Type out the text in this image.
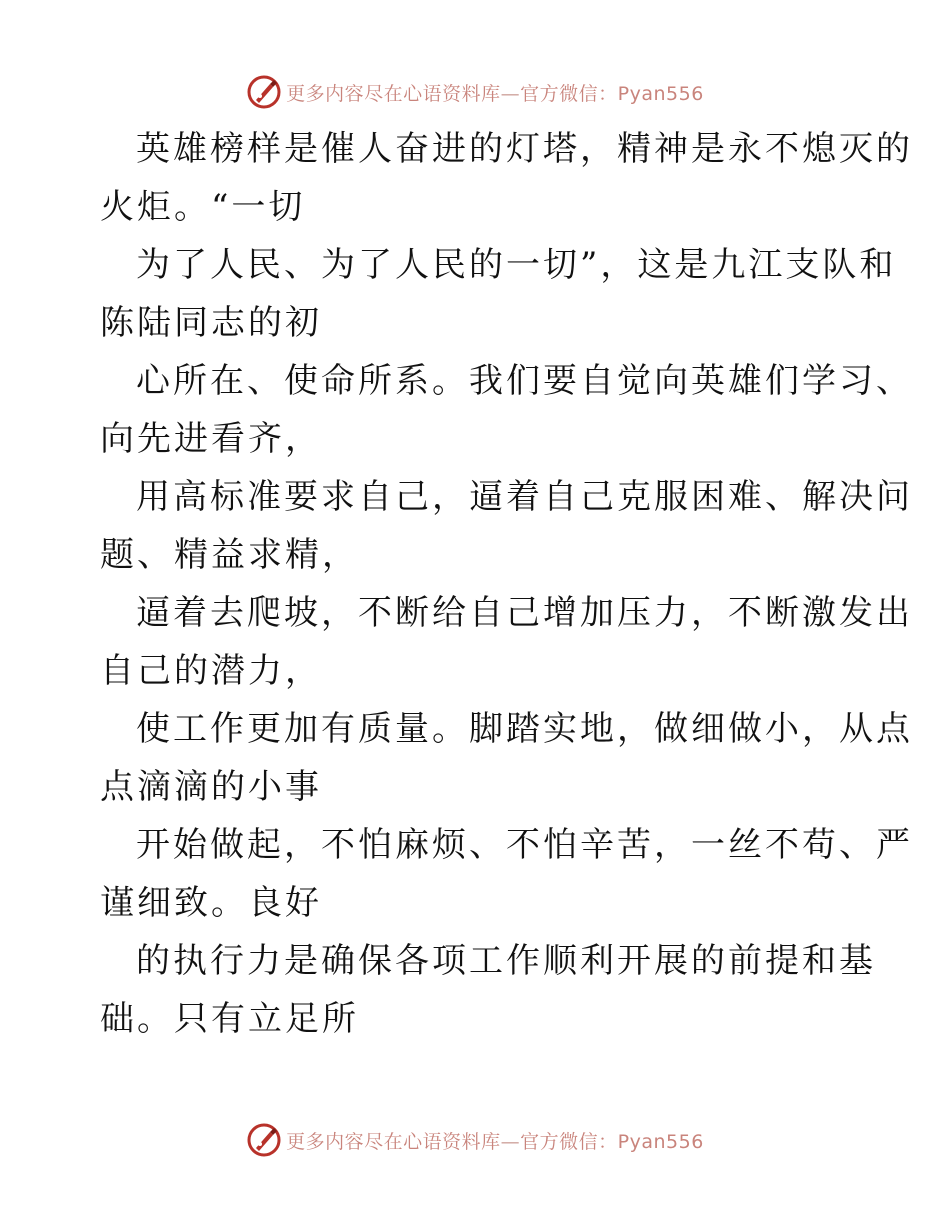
更多内容尽在心语资料库—官方微信：Pyan556

英雄榜样是催人奋进的灯塔，精神是永不熄灭的
火炬。“一切

为了人民、为了人民的一切”，这是九江支队和
陈陆同志的初

心所在、使命所系。我们要自觉向英雄们学习、
向先进看齐，

用高标准要求自己，逼着自己克服困难、解决问
题、精益求精，

逼着去爬坡，不断给自己增加压力，不断激发出
自己的潜力，

使工作更加有质量。脚踏实地，做细做小，从点
点滴滴的小事

开始做起，不怕麻烦、不怕辛苦，一丝不苟、严
谨细致。良好

的执行力是确保各项工作顺利开展的前提和基
础。只有立足所

更多内容尽在心语资料库—官方微信：Pyan556
